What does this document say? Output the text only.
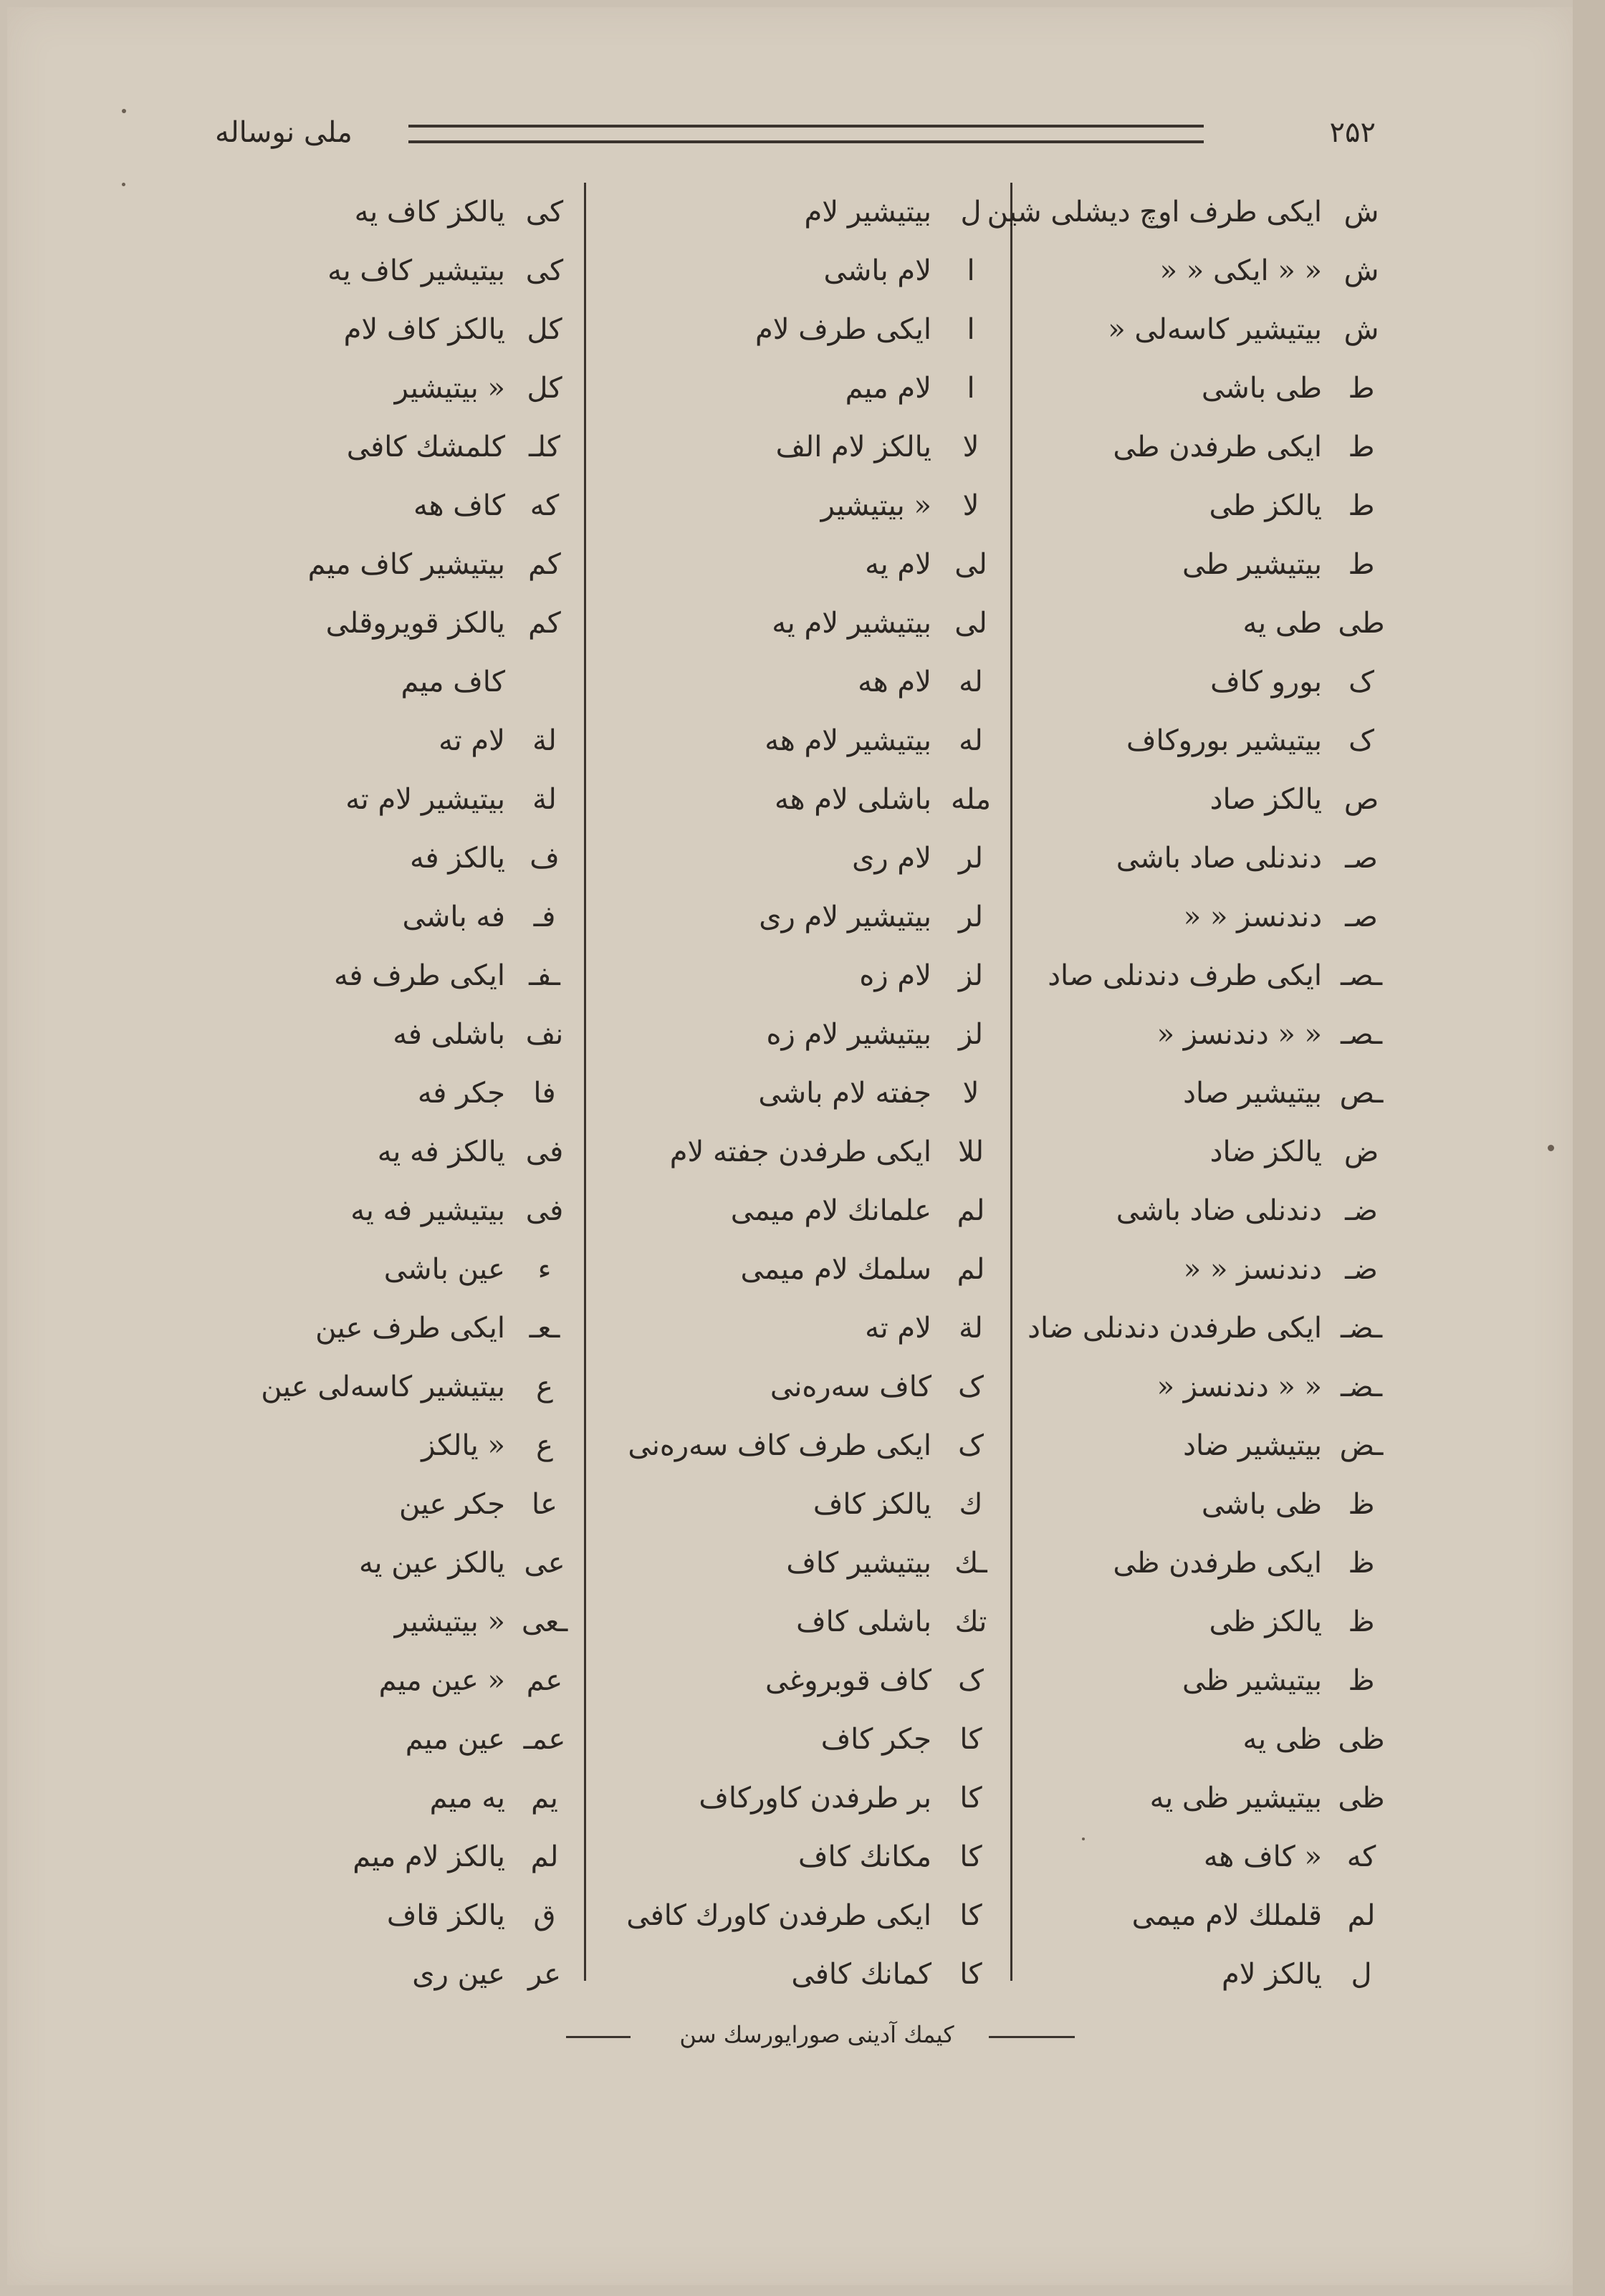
ملی نوساله	۲۵۲
ش
ایکی طرف اوچ دیشلی شین
ش
« « ایکی « «
ش
بیتیشیر کاسه‌لی «
ط
طی باشی
ط
ایکی طرفدن طی
ط
یالکز طی
ط
بیتیشیر طی
طی
طی یه
ک
بورو کاف
ک
بیتیشیر بوروکاف
ص
یالکز صاد
صـ
دندنلی صاد باشی
صـ
دندنسز « «
ـصـ
ایکی طرف دندنلی صاد
ـصـ
« « دندنسز «
ـص
بیتیشیر صاد
ض
یالکز ضاد
ضـ
دندنلی ضاد باشی
ضـ
دندنسز « «
ـضـ
ایکی طرفدن دندنلی ضاد
ـضـ
« « دندنسز «
ـض
بیتیشیر ضاد
ظ
ظی باشی
ظ
ایکی طرفدن ظی
ظ
یالکز ظی
ظ
بیتیشیر ظی
ظی
ظی یه
ظی
بیتیشیر ظی یه
که
« کاف هه
لم
قلملك لام میمی
ل
یالکز لام
ل
بیتیشیر لام
ا
لام باشی
ا
ایکی طرف لام
ا
لام میم
لا
یالکز لام الف
لا
« بیتیشیر
لی
لام یه
لی
بیتیشیر لام یه
له
لام هه
له
بیتیشیر لام هه
مله
باشلی لام هه
لر
لام ری
لر
بیتیشیر لام ری
لز
لام زه
لز
بیتیشیر لام زه
لا
جفته لام باشی
للا
ایکی طرفدن جفته لام
لم
علمانك لام میمی
لم
سلمك لام میمی
لة
لام ته
ک
کاف سه‌ره‌نی
ک
ایکی طرف کاف سه‌ره‌نی
ك
یالکز کاف
ـك
بیتیشیر کاف
تك
باشلی کاف
ک
کاف قوبروغی
کا
جکر کاف
کا
بر طرفدن کاورکاف
کا
مکانك کاف
کا
ایکی طرفدن کاورك کافی
کا
کمانك کافی
کی
یالکز کاف یه
کی
بیتیشیر کاف یه
کل
یالکز کاف لام
کل
« بیتیشیر
کلـ
کلمشك کافی
که
کاف هه
کم
بیتیشیر کاف میم
کم
یالکز قویروقلی
کاف میم
لة
لام ته
لة
بیتیشیر لام ته
ف
یالکز فه
فـ
فه باشی
ـفـ
ایکی طرف فه
نف
باشلی فه
فا
جکر فه
فی
یالکز فه یه
فی
بیتیشیر فه یه
ء
عین باشی
ـعـ
ایکی طرف عین
ع
بیتیشیر کاسه‌لی عین
ع
« یالکز
عا
جکر عین
عی
یالکز عین یه
ـعی
« بیتیشیر
عم
« عین میم
عمـ
عین میم
یم
یه میم
لم
یالکز لام میم
ق
یالکز قاف
عر
عین ری
کیمك آدینی صورایورسك سن
